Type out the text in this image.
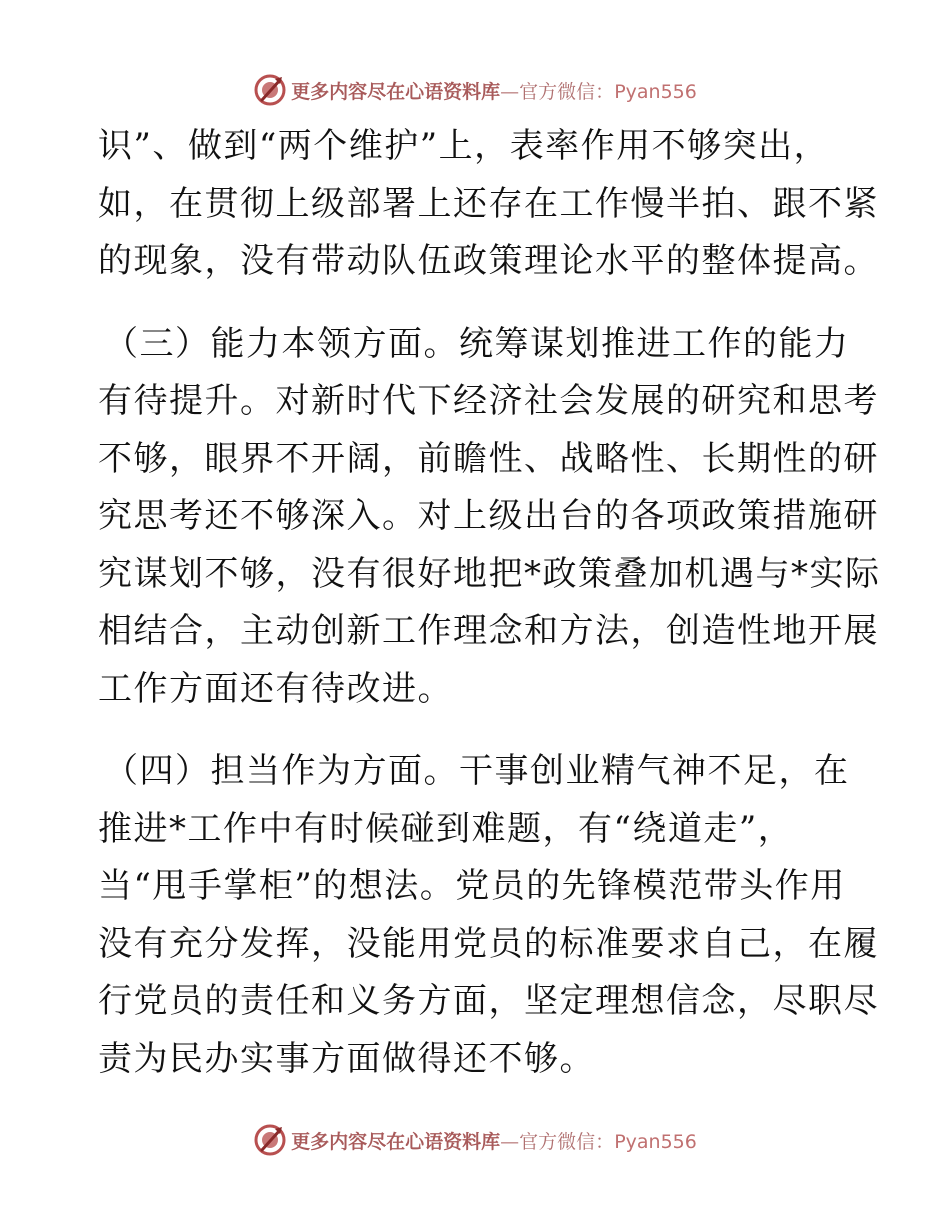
更多内容尽在心语资料库—官方微信：Pyan556

识”、做到“两个维护”上，表率作用不够突出，
如，在贯彻上级部署上还存在工作慢半拍、跟不紧
的现象，没有带动队伍政策理论水平的整体提高。

（三）能力本领方面。统筹谋划推进工作的能力
有待提升。对新时代下经济社会发展的研究和思考
不够，眼界不开阔，前瞻性、战略性、长期性的研
究思考还不够深入。对上级出台的各项政策措施研
究谋划不够，没有很好地把*政策叠加机遇与*实际
相结合，主动创新工作理念和方法，创造性地开展
工作方面还有待改进。

（四）担当作为方面。干事创业精气神不足，在
推进*工作中有时候碰到难题，有“绕道走”，
当“甩手掌柜”的想法。党员的先锋模范带头作用
没有充分发挥，没能用党员的标准要求自己，在履
行党员的责任和义务方面，坚定理想信念，尽职尽
责为民办实事方面做得还不够。

更多内容尽在心语资料库—官方微信：Pyan556
